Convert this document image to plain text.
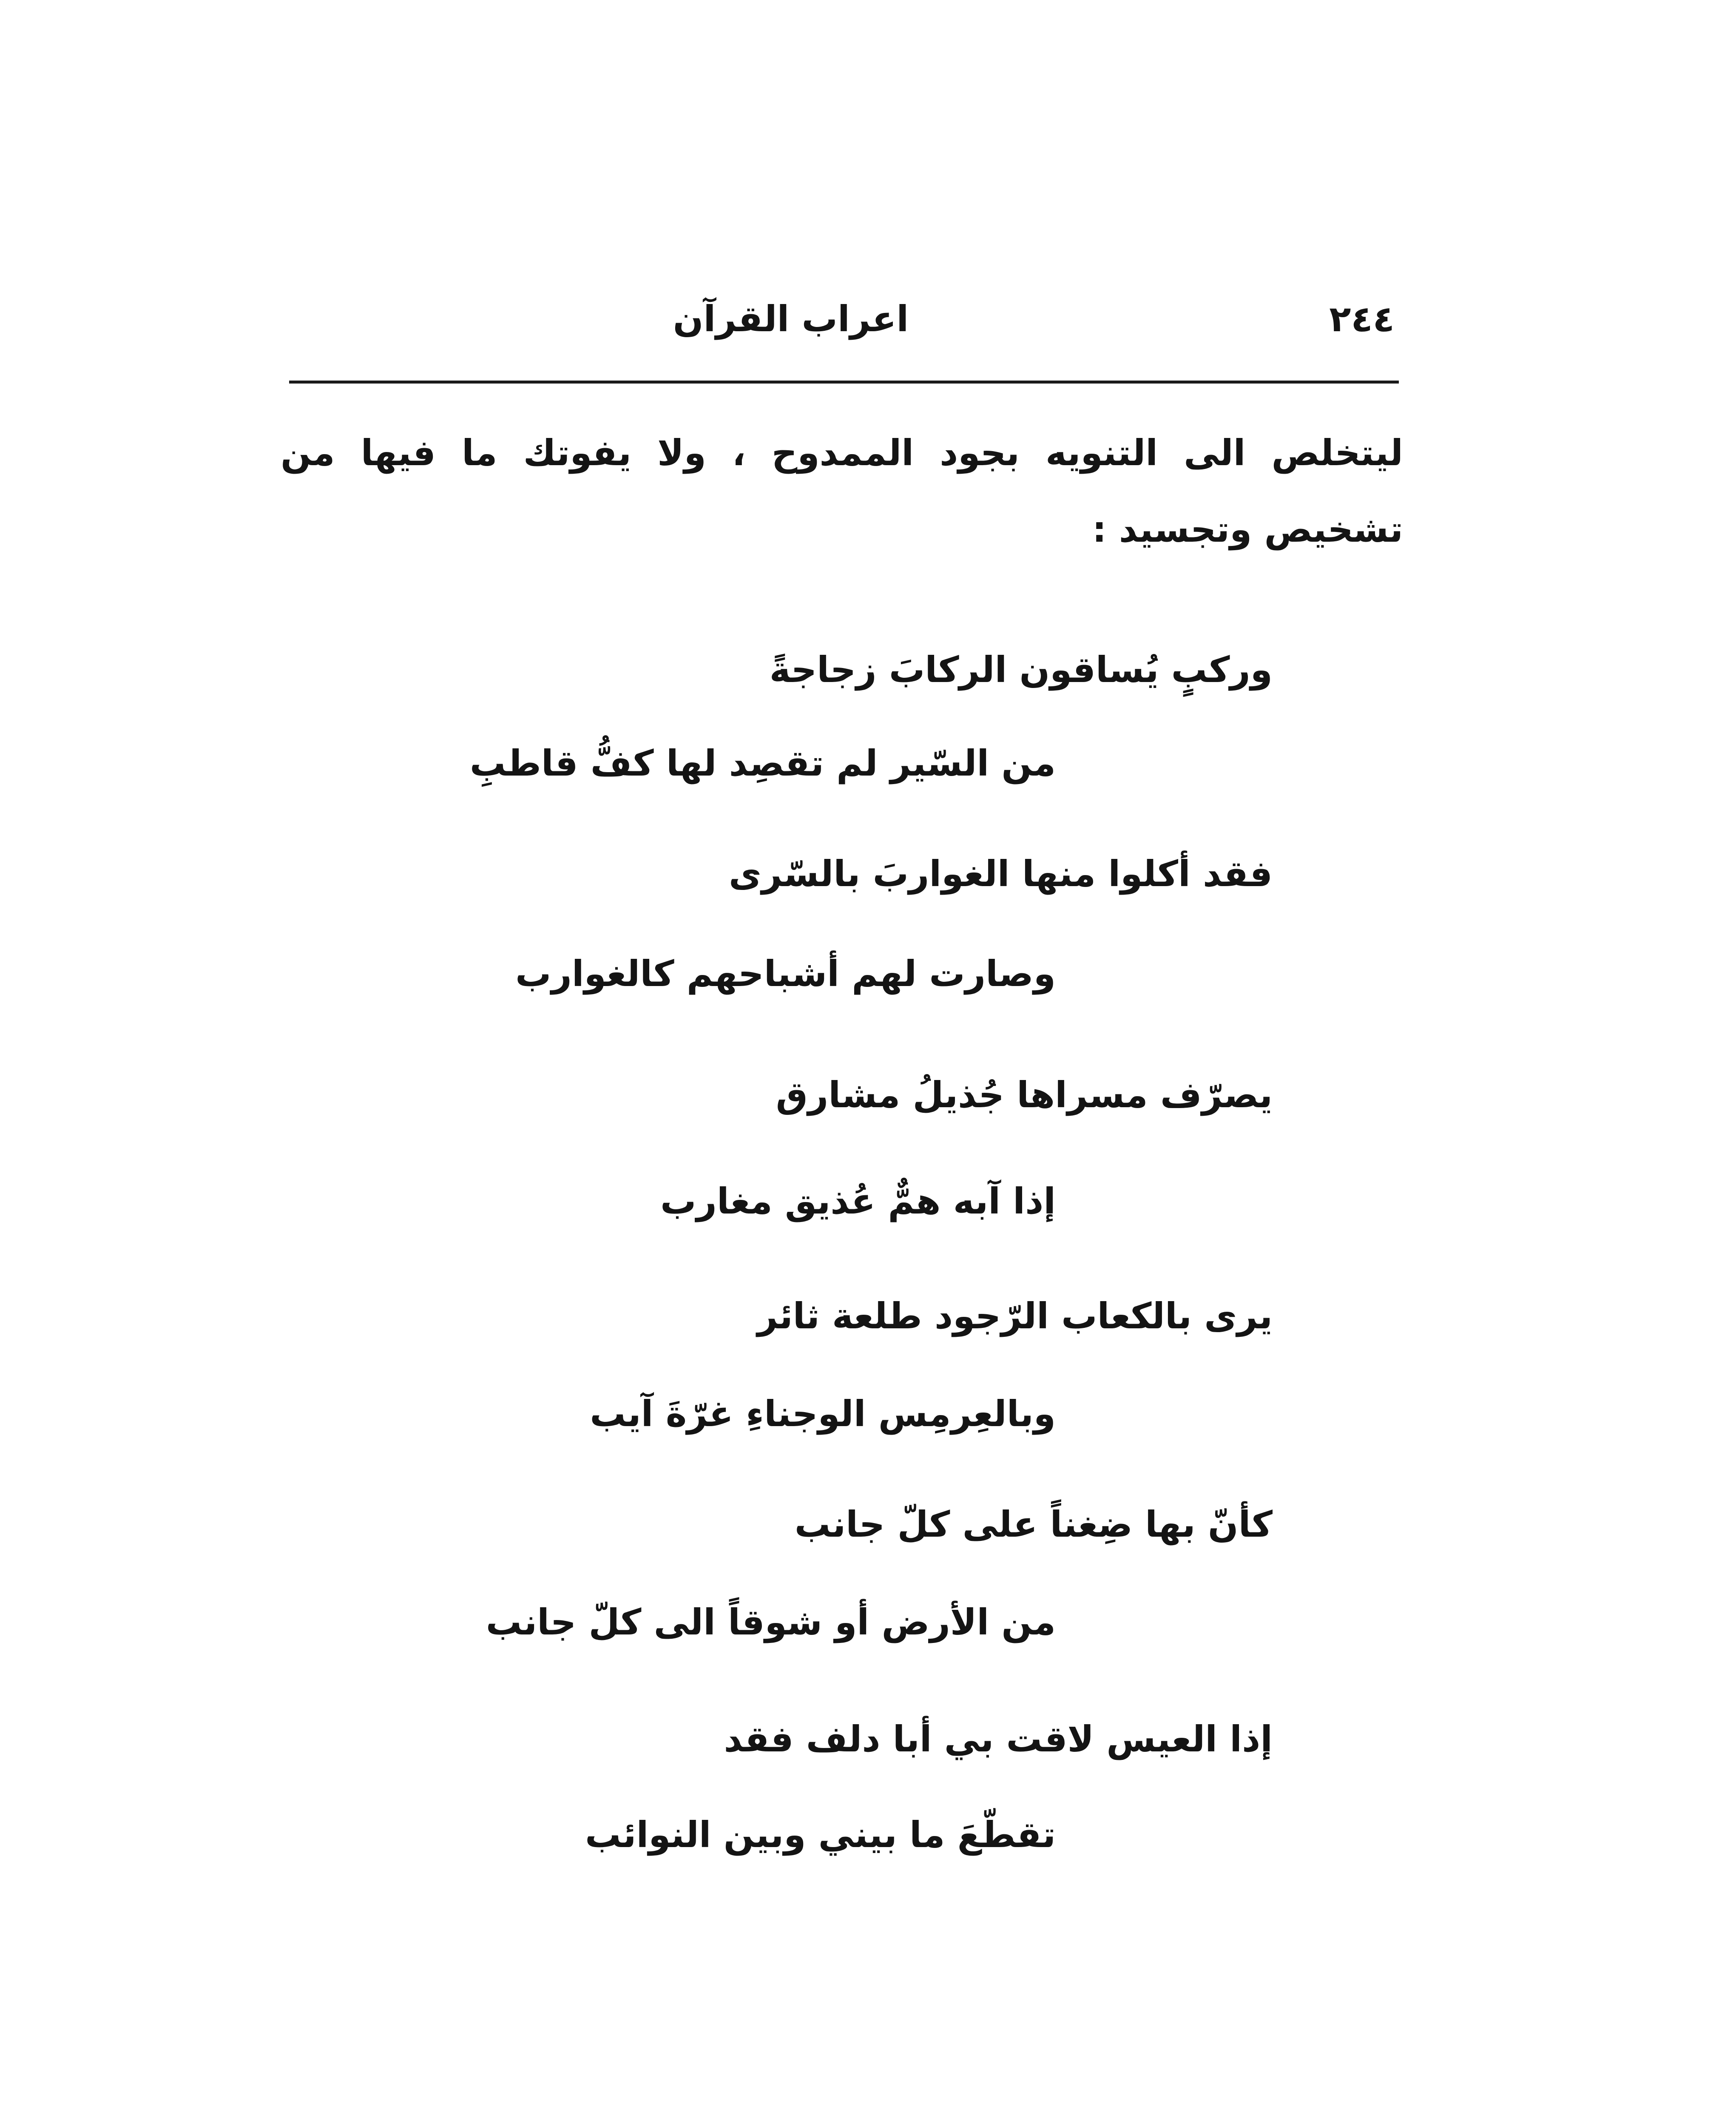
٢٤٤
اعراب القرآن

ليتخلص الى التنويه بجود الممدوح ، ولا يفوتك ما فيها من تشخيص وتجسيد :

وركبٍ يُساقون الركابَ زجاجةً
من السّير لم تقصِد لها كفُّ قاطبِ
فقد أكلوا منها الغواربَ بالسّرى
وصارت لهم أشباحهم كالغوارب
يصرّف مسراها جُذيلُ مشارق
إذا آبه همٌّ عُذيق مغارب
يرى بالكعاب الرّجود طلعة ثائر
وبالعِرمِس الوجناءِ غرّةَ آيب
كأنّ بها ضِغناً على كلّ جانب
من الأرض أو شوقاً الى كلّ جانب
إذا العيس لاقت بي أبا دلف فقد
تقطّعَ ما بيني وبين النوائب
